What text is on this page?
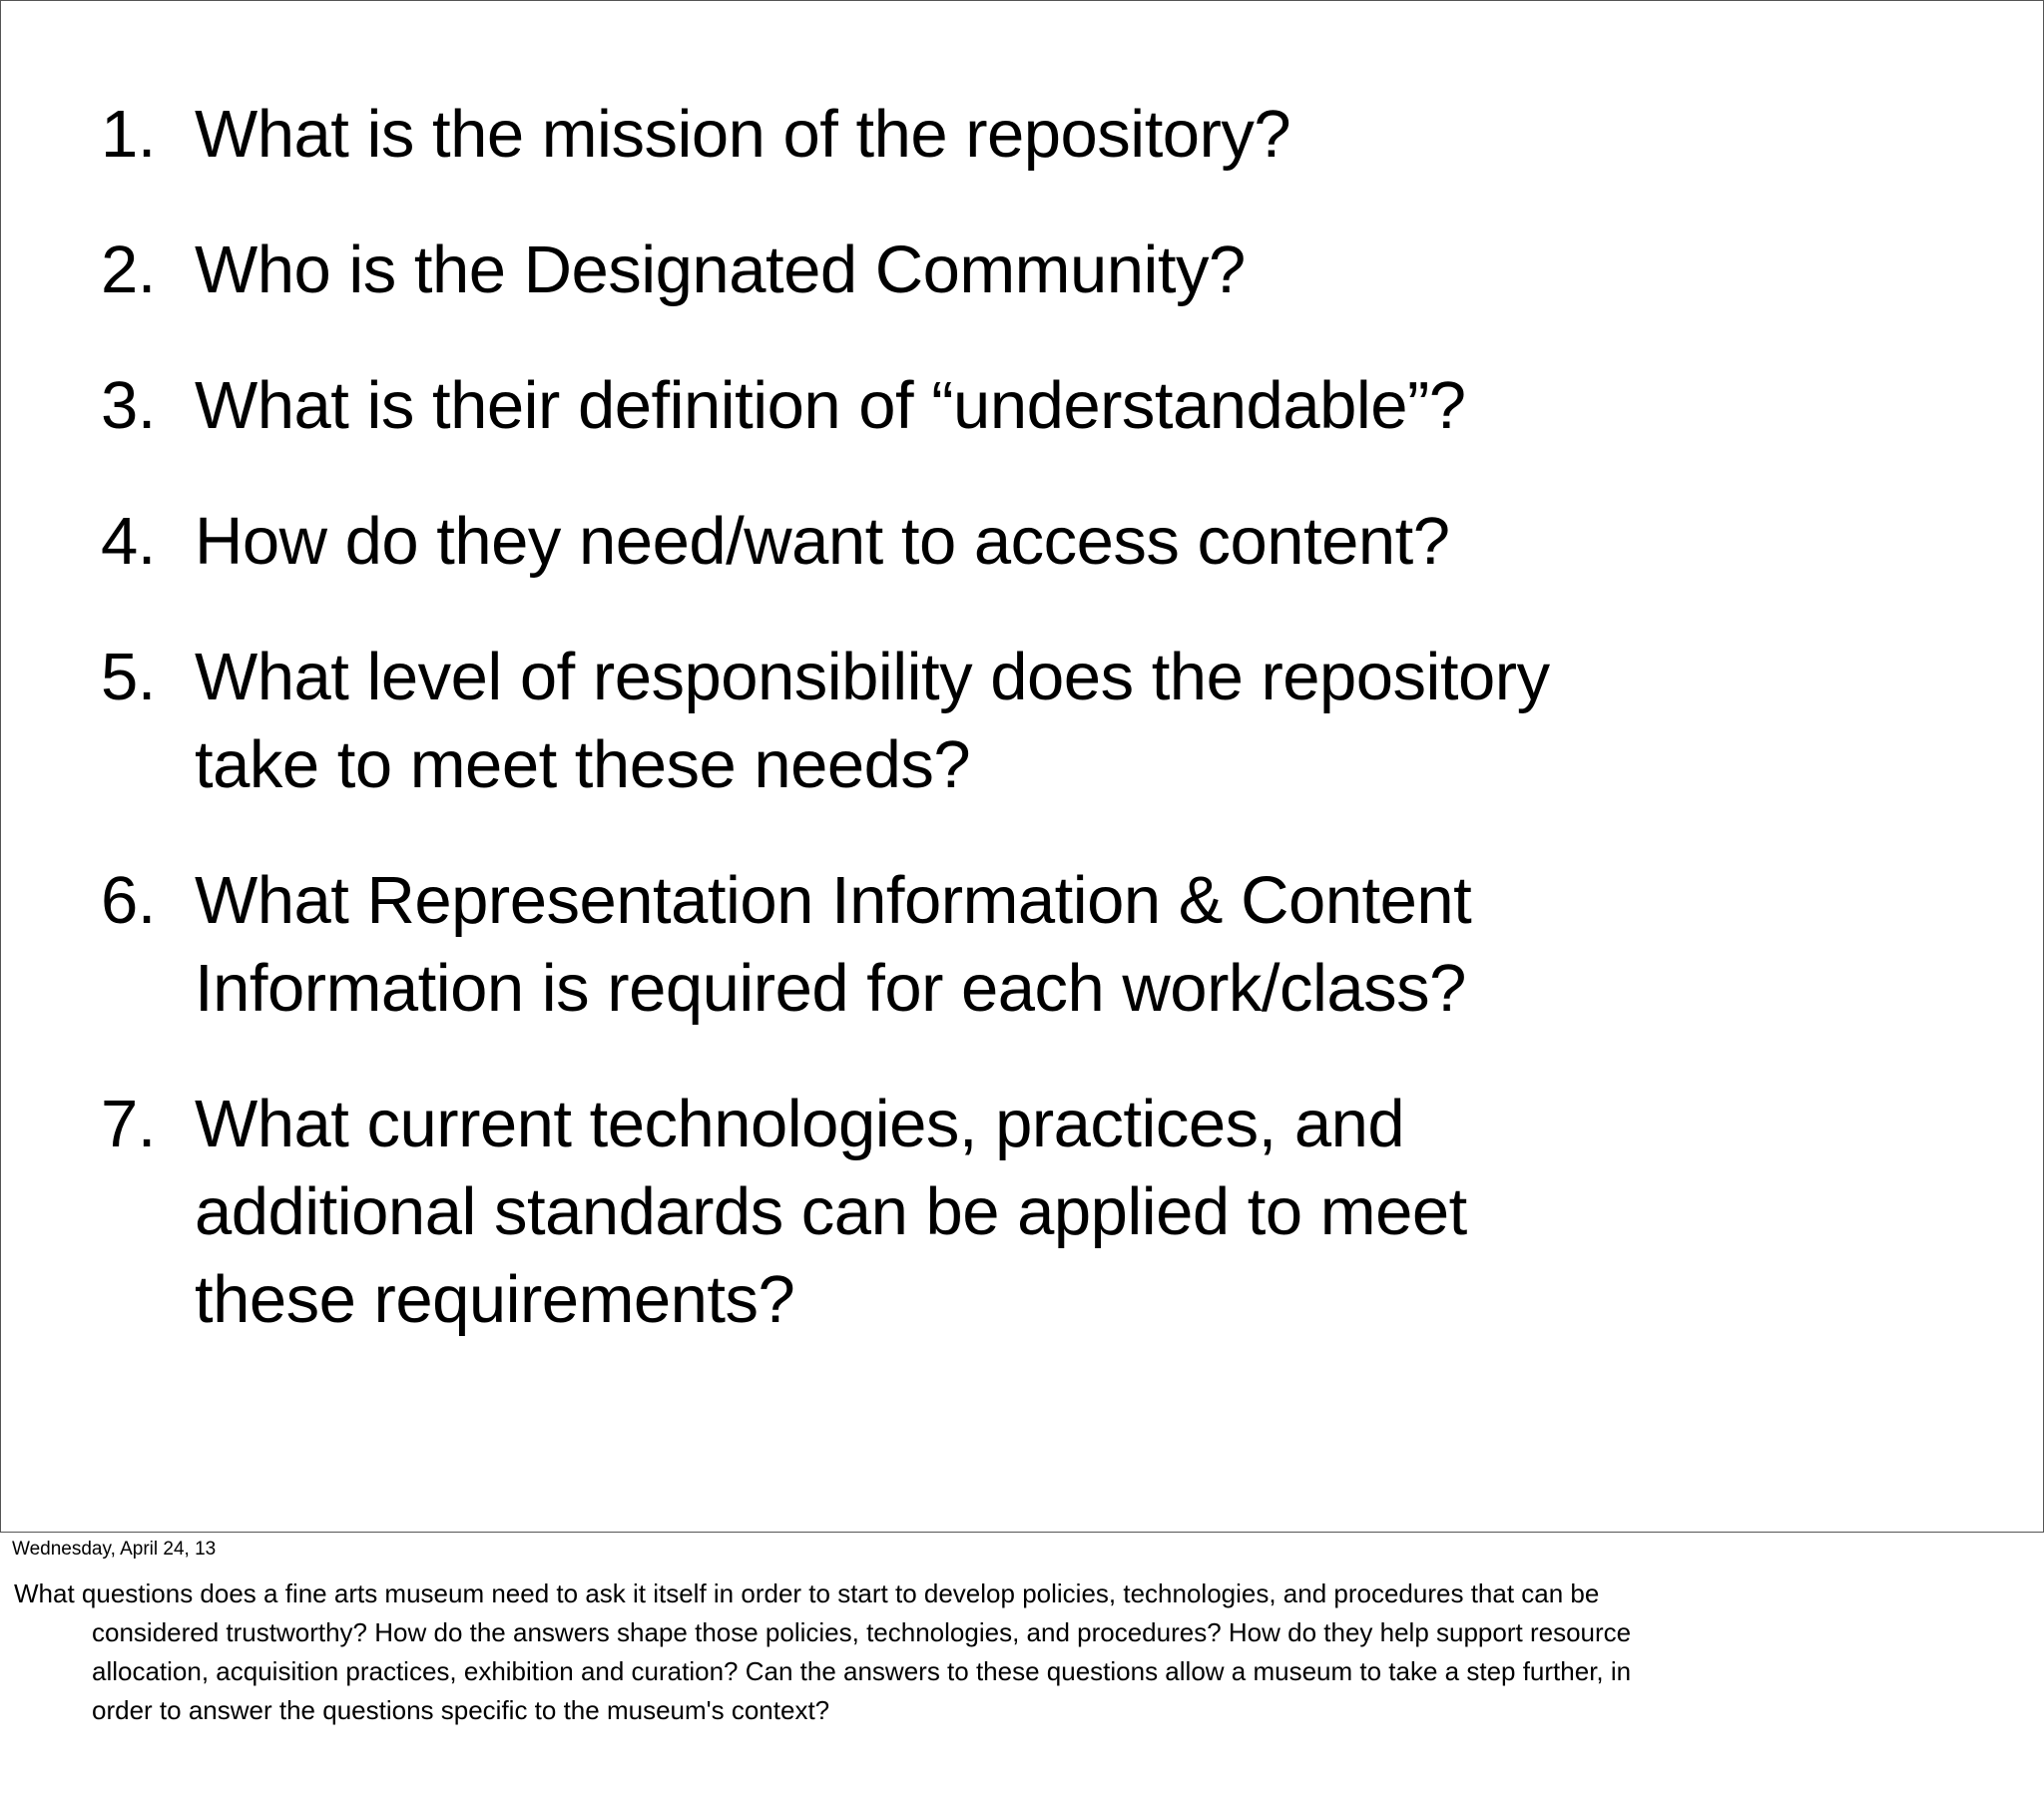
1. What is the mission of the repository?
2. Who is the Designated Community?
3. What is their definition of “understandable”?
4. How do they need/want to access content?
5. What level of responsibility does the repository
take to meet these needs?
6. What Representation Information & Content
Information is required for each work/class?
7. What current technologies, practices, and
additional standards can be applied to meet
these requirements?
Wednesday, April 24, 13
What questions does a fine arts museum need to ask it itself in order to start to develop policies, technologies, and procedures that can be
considered trustworthy? How do the answers shape those policies, technologies, and procedures? How do they help support resource
allocation, acquisition practices, exhibition and curation? Can the answers to these questions allow a museum to take a step further, in
order to answer the questions specific to the museum's context?
